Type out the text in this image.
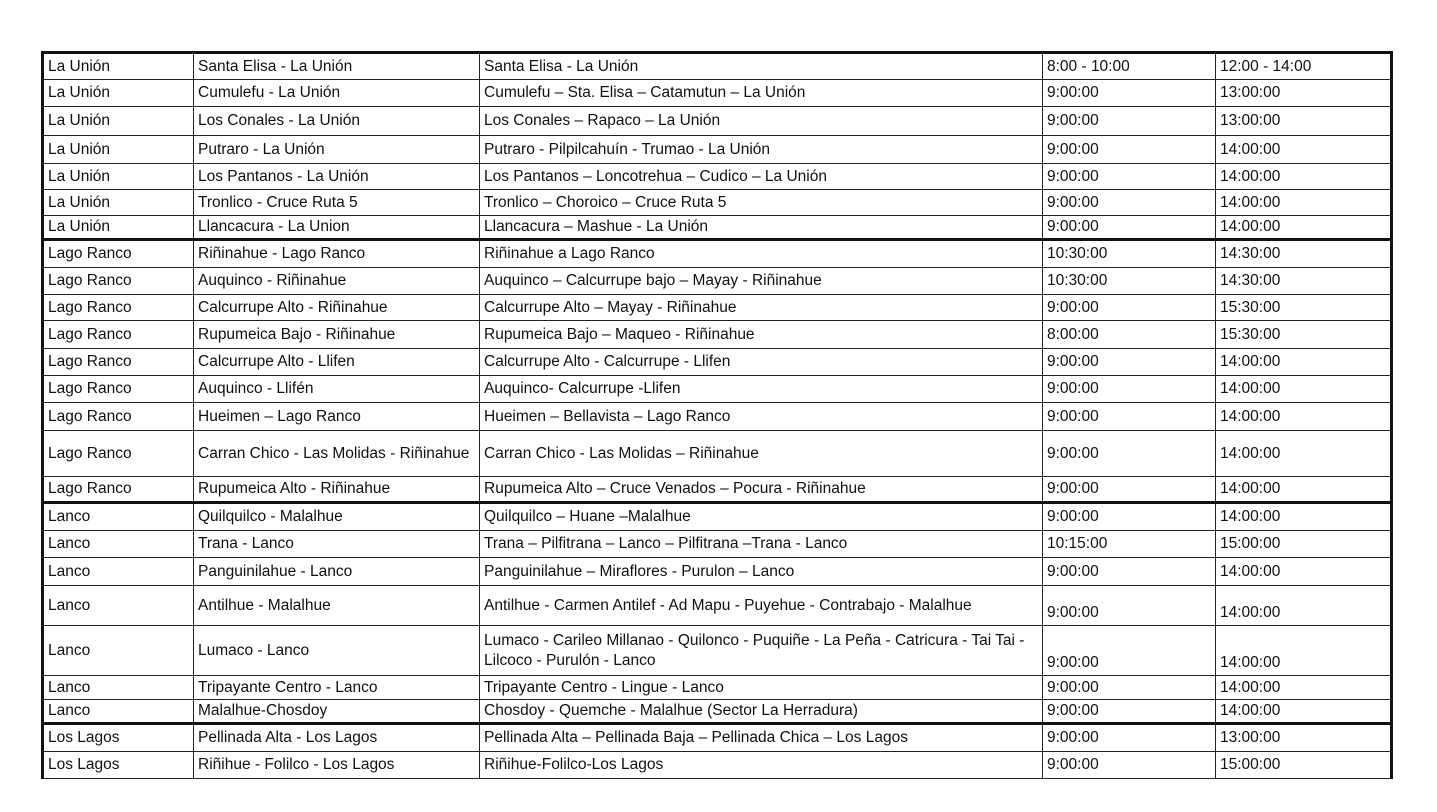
La Unión	Santa Elisa - La Unión	Santa Elisa - La Unión	8:00 - 10:00	12:00 - 14:00
La Unión	Cumulefu - La Unión	Cumulefu – Sta. Elisa – Catamutun – La Unión	9:00:00	13:00:00
La Unión	Los Conales - La Unión	Los Conales – Rapaco – La Unión	9:00:00	13:00:00
La Unión	Putraro - La Unión	Putraro - Pilpilcahuín - Trumao - La Unión	9:00:00	14:00:00
La Unión	Los Pantanos - La Unión	Los Pantanos – Loncotrehua – Cudico – La Unión	9:00:00	14:00:00
La Unión	Tronlico - Cruce Ruta 5	Tronlico – Choroico – Cruce Ruta 5	9:00:00	14:00:00
La Unión	Llancacura - La Union	Llancacura – Mashue - La Unión	9:00:00	14:00:00
Lago Ranco	Riñinahue - Lago Ranco	Riñinahue a Lago Ranco	10:30:00	14:30:00
Lago Ranco	Auquinco - Riñinahue	Auquinco – Calcurrupe bajo – Mayay - Riñinahue	10:30:00	14:30:00
Lago Ranco	Calcurrupe Alto - Riñinahue	Calcurrupe Alto – Mayay - Riñinahue	9:00:00	15:30:00
Lago Ranco	Rupumeica Bajo - Riñinahue	Rupumeica Bajo – Maqueo - Riñinahue	8:00:00	15:30:00
Lago Ranco	Calcurrupe Alto - Llifen	Calcurrupe Alto - Calcurrupe - Llifen	9:00:00	14:00:00
Lago Ranco	Auquinco - Llifén	Auquinco- Calcurrupe -Llifen	9:00:00	14:00:00
Lago Ranco	Hueimen – Lago Ranco	Hueimen – Bellavista – Lago Ranco	9:00:00	14:00:00
Lago Ranco	Carran Chico - Las Molidas - Riñinahue	Carran Chico - Las Molidas – Riñinahue	9:00:00	14:00:00
Lago Ranco	Rupumeica Alto - Riñinahue	Rupumeica Alto – Cruce Venados – Pocura - Riñinahue	9:00:00	14:00:00
Lanco	Quilquilco - Malalhue	Quilquilco – Huane –Malalhue	9:00:00	14:00:00
Lanco	Trana - Lanco	Trana – Pilfitrana – Lanco – Pilfitrana –Trana - Lanco	10:15:00	15:00:00
Lanco	Panguinilahue - Lanco	Panguinilahue – Miraflores - Purulon – Lanco	9:00:00	14:00:00
Lanco	Antilhue - Malalhue	Antilhue - Carmen Antilef - Ad Mapu - Puyehue - Contrabajo - Malalhue	9:00:00	14:00:00
Lanco	Lumaco - Lanco	Lumaco - Carileo Millanao - Quilonco - Puquiñe - La Peña - Catricura - Tai Tai - Lilcoco - Purulón - Lanco	9:00:00	14:00:00
Lanco	Tripayante Centro - Lanco	Tripayante Centro - Lingue - Lanco	9:00:00	14:00:00
Lanco	Malalhue-Chosdoy	Chosdoy - Quemche - Malalhue (Sector La Herradura)	9:00:00	14:00:00
Los Lagos	Pellinada Alta - Los Lagos	Pellinada Alta – Pellinada Baja – Pellinada Chica – Los Lagos	9:00:00	13:00:00
Los Lagos	Riñihue - Folilco - Los Lagos	Riñihue-Folilco-Los Lagos	9:00:00	15:00:00
